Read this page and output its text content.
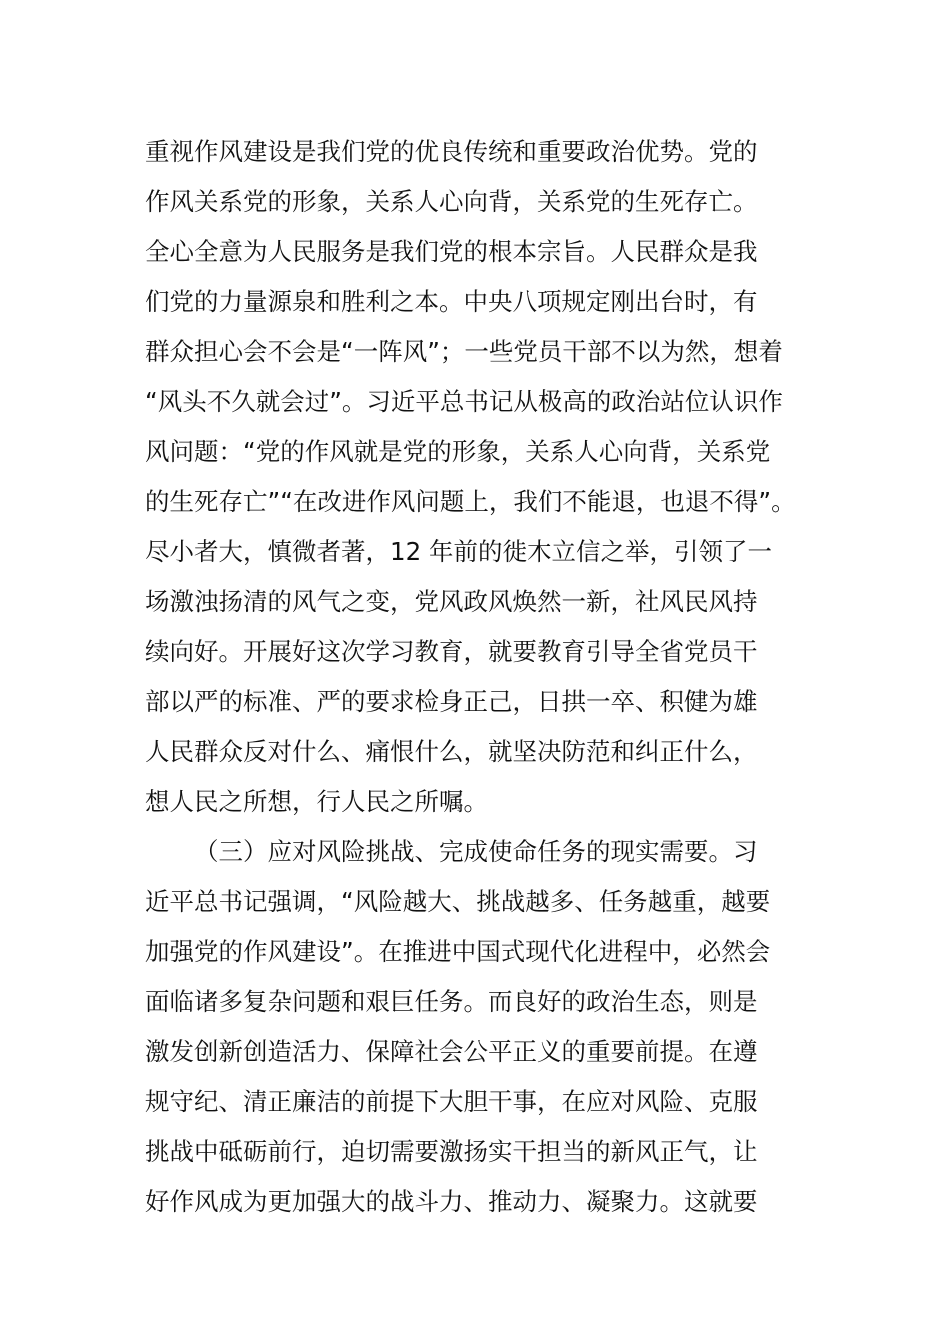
重视作风建设是我们党的优良传统和重要政治优势。党的
作风关系党的形象，关系人心向背，关系党的生死存亡。
全心全意为人民服务是我们党的根本宗旨。人民群众是我
们党的力量源泉和胜利之本。中央八项规定刚出台时，有
群众担心会不会是“一阵风”；一些党员干部不以为然，想着
“风头不久就会过”。习近平总书记从极高的政治站位认识作
风问题：“党的作风就是党的形象，关系人心向背，关系党
的生死存亡”“在改进作风问题上，我们不能退，也退不得”。
尽小者大，慎微者著，12 年前的徙木立信之举，引领了一
场激浊扬清的风气之变，党风政风焕然一新，社风民风持
续向好。开展好这次学习教育，就要教育引导全省党员干
部以严的标准、严的要求检身正己，日拱一卒、积健为雄
人民群众反对什么、痛恨什么，就坚决防范和纠正什么，
想人民之所想，行人民之所嘱。
（三）应对风险挑战、完成使命任务的现实需要。习
近平总书记强调，“风险越大、挑战越多、任务越重，越要
加强党的作风建设”。在推进中国式现代化进程中，必然会
面临诸多复杂问题和艰巨任务。而良好的政治生态，则是
激发创新创造活力、保障社会公平正义的重要前提。在遵
规守纪、清正廉洁的前提下大胆干事，在应对风险、克服
挑战中砥砺前行，迫切需要激扬实干担当的新风正气，让
好作风成为更加强大的战斗力、推动力、凝聚力。这就要
